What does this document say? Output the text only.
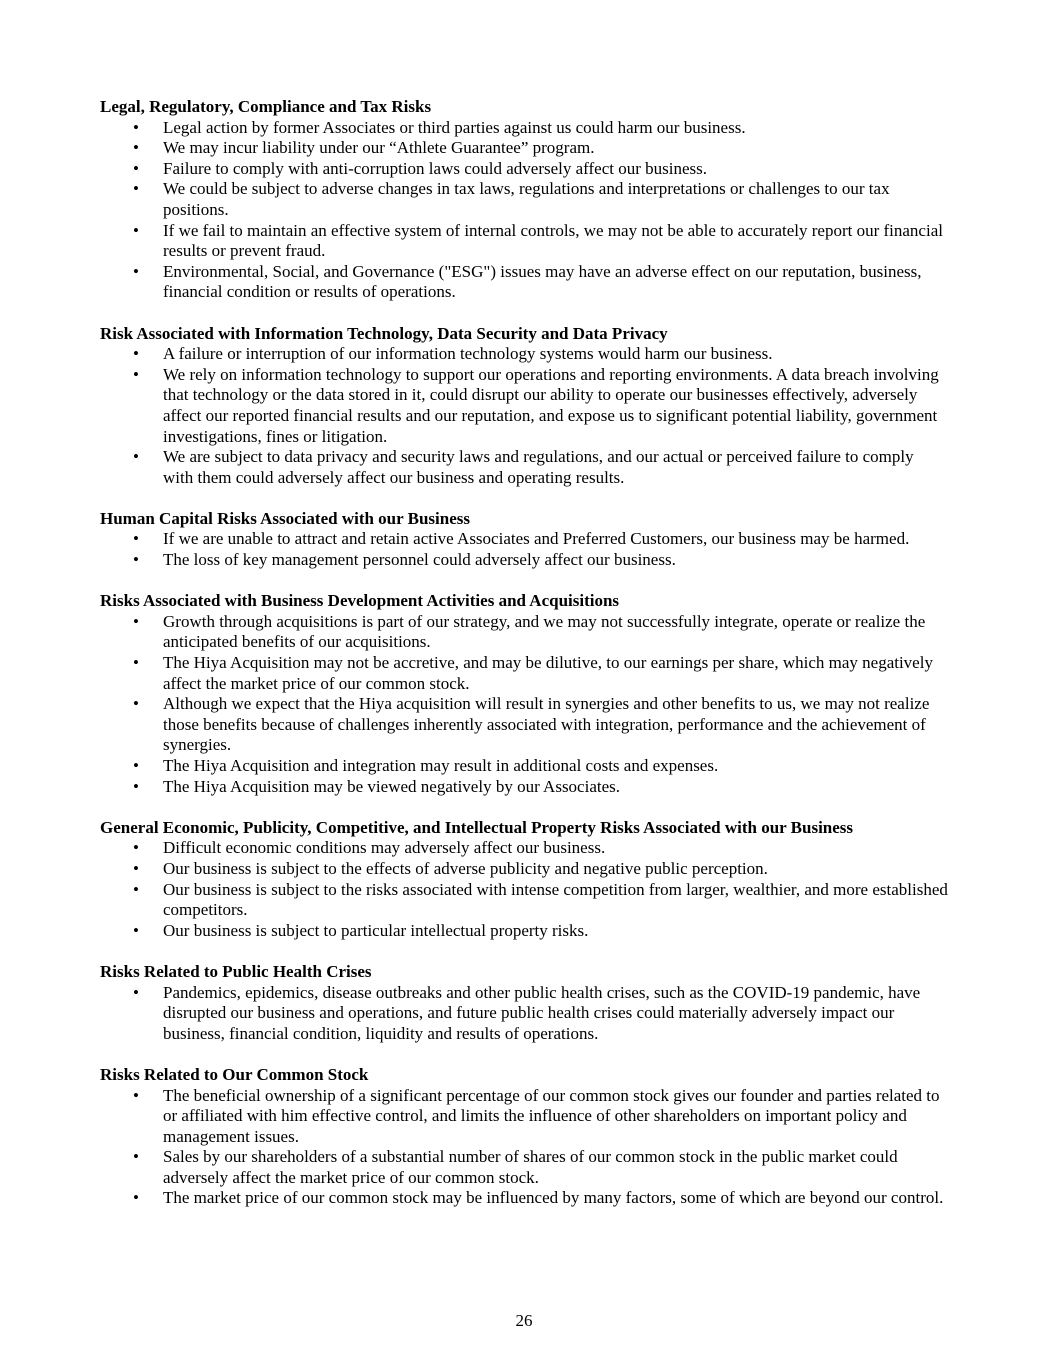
Legal, Regulatory, Compliance and Tax Risks
• Legal action by former Associates or third parties against us could harm our business.
• We may incur liability under our “Athlete Guarantee” program.
• Failure to comply with anti-corruption laws could adversely affect our business.
• We could be subject to adverse changes in tax laws, regulations and interpretations or challenges to our tax positions.
• If we fail to maintain an effective system of internal controls, we may not be able to accurately report our financial results or prevent fraud.
• Environmental, Social, and Governance ("ESG") issues may have an adverse effect on our reputation, business, financial condition or results of operations.
Risk Associated with Information Technology, Data Security and Data Privacy
• A failure or interruption of our information technology systems would harm our business.
• We rely on information technology to support our operations and reporting environments. A data breach involving that technology or the data stored in it, could disrupt our ability to operate our businesses effectively, adversely affect our reported financial results and our reputation, and expose us to significant potential liability, government investigations, fines or litigation.
• We are subject to data privacy and security laws and regulations, and our actual or perceived failure to comply with them could adversely affect our business and operating results.
Human Capital Risks Associated with our Business
• If we are unable to attract and retain active Associates and Preferred Customers, our business may be harmed.
• The loss of key management personnel could adversely affect our business.
Risks Associated with Business Development Activities and Acquisitions
• Growth through acquisitions is part of our strategy, and we may not successfully integrate, operate or realize the anticipated benefits of our acquisitions.
• The Hiya Acquisition may not be accretive, and may be dilutive, to our earnings per share, which may negatively affect the market price of our common stock.
• Although we expect that the Hiya acquisition will result in synergies and other benefits to us, we may not realize those benefits because of challenges inherently associated with integration, performance and the achievement of synergies.
• The Hiya Acquisition and integration may result in additional costs and expenses.
• The Hiya Acquisition may be viewed negatively by our Associates.
General Economic, Publicity, Competitive, and Intellectual Property Risks Associated with our Business
• Difficult economic conditions may adversely affect our business.
• Our business is subject to the effects of adverse publicity and negative public perception.
• Our business is subject to the risks associated with intense competition from larger, wealthier, and more established competitors.
• Our business is subject to particular intellectual property risks.
Risks Related to Public Health Crises
• Pandemics, epidemics, disease outbreaks and other public health crises, such as the COVID-19 pandemic, have disrupted our business and operations, and future public health crises could materially adversely impact our business, financial condition, liquidity and results of operations.
Risks Related to Our Common Stock
• The beneficial ownership of a significant percentage of our common stock gives our founder and parties related to or affiliated with him effective control, and limits the influence of other shareholders on important policy and management issues.
• Sales by our shareholders of a substantial number of shares of our common stock in the public market could adversely affect the market price of our common stock.
• The market price of our common stock may be influenced by many factors, some of which are beyond our control.
26
